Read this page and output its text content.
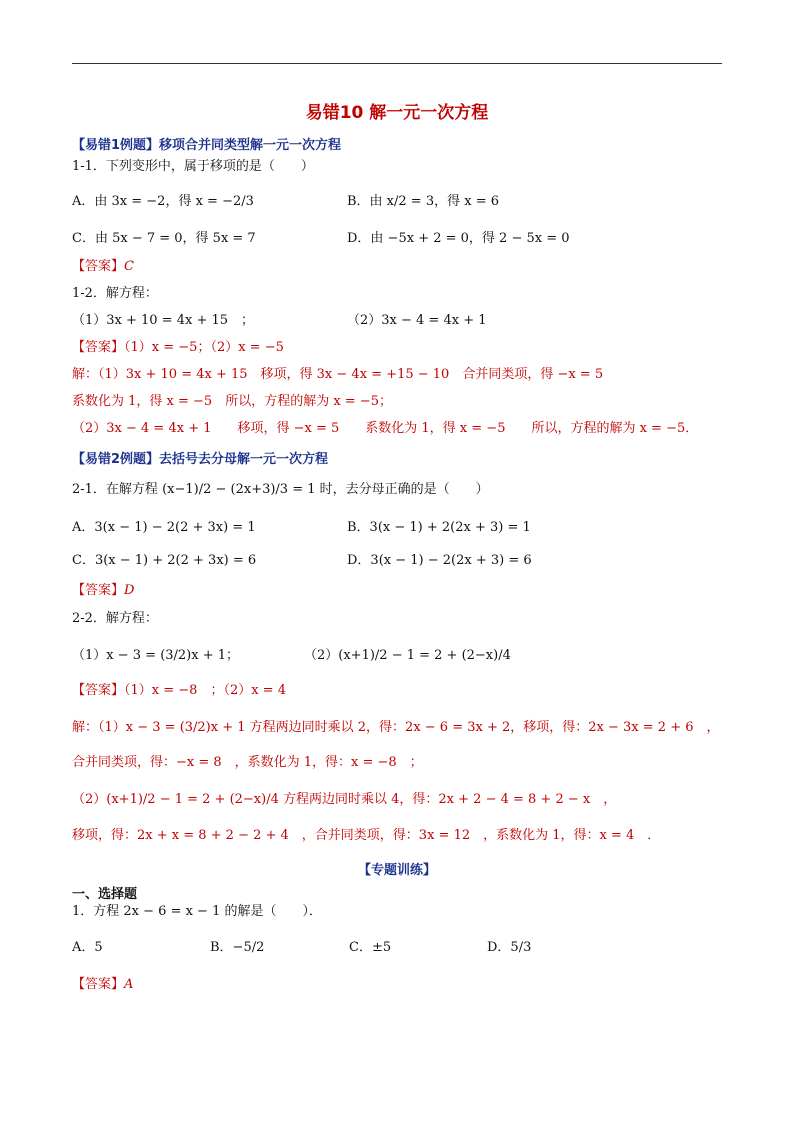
易错10 解一元一次方程
【易错1例题】移项合并同类型解一元一次方程
1-1．下列变形中，属于移项的是（　　）
A．由 3x = −2，得 x = −2/3	B．由 x/2 = 3，得 x = 6
C．由 5x − 7 = 0，得 5x = 7	D．由 −5x + 2 = 0，得 2 − 5x = 0
【答案】C
1-2．解方程：
（1）3x + 10 = 4x + 15　；	（2）3x − 4 = 4x + 1
【答案】（1）x = −5；（2）x = −5
解：（1）3x + 10 = 4x + 15　移项，得 3x − 4x = +15 − 10　合并同类项，得 −x = 5
系数化为 1，得 x = −5　所以，方程的解为 x = −5；
（2）3x − 4 = 4x + 1　　移项，得 −x = 5　　系数化为 1，得 x = −5　　所以，方程的解为 x = −5．
【易错2例题】去括号去分母解一元一次方程
2-1．在解方程 (x−1)/2 − (2x+3)/3 = 1 时，去分母正确的是（　　）
A．3(x − 1) − 2(2 + 3x) = 1	B．3(x − 1) + 2(2x + 3) = 1
C．3(x − 1) + 2(2 + 3x) = 6	D．3(x − 1) − 2(2x + 3) = 6
【答案】D
2-2．解方程：
（1）x − 3 = (3/2)x + 1；	（2）(x+1)/2 − 1 = 2 + (2−x)/4
【答案】（1）x = −8　；（2）x = 4
解：（1）x − 3 = (3/2)x + 1 方程两边同时乘以 2，得：2x − 6 = 3x + 2，移项，得：2x − 3x = 2 + 6　，
合并同类项，得：−x = 8　，系数化为 1，得：x = −8　；
（2）(x+1)/2 − 1 = 2 + (2−x)/4 方程两边同时乘以 4，得：2x + 2 − 4 = 8 + 2 − x　，
移项，得：2x + x = 8 + 2 − 2 + 4　，合并同类项，得：3x = 12　，系数化为 1，得：x = 4　．
【专题训练】
一、选择题
1．方程 2x − 6 = x − 1 的解是（　　）．
A．5	B．−5/2	C．±5	D．5/3
【答案】A
